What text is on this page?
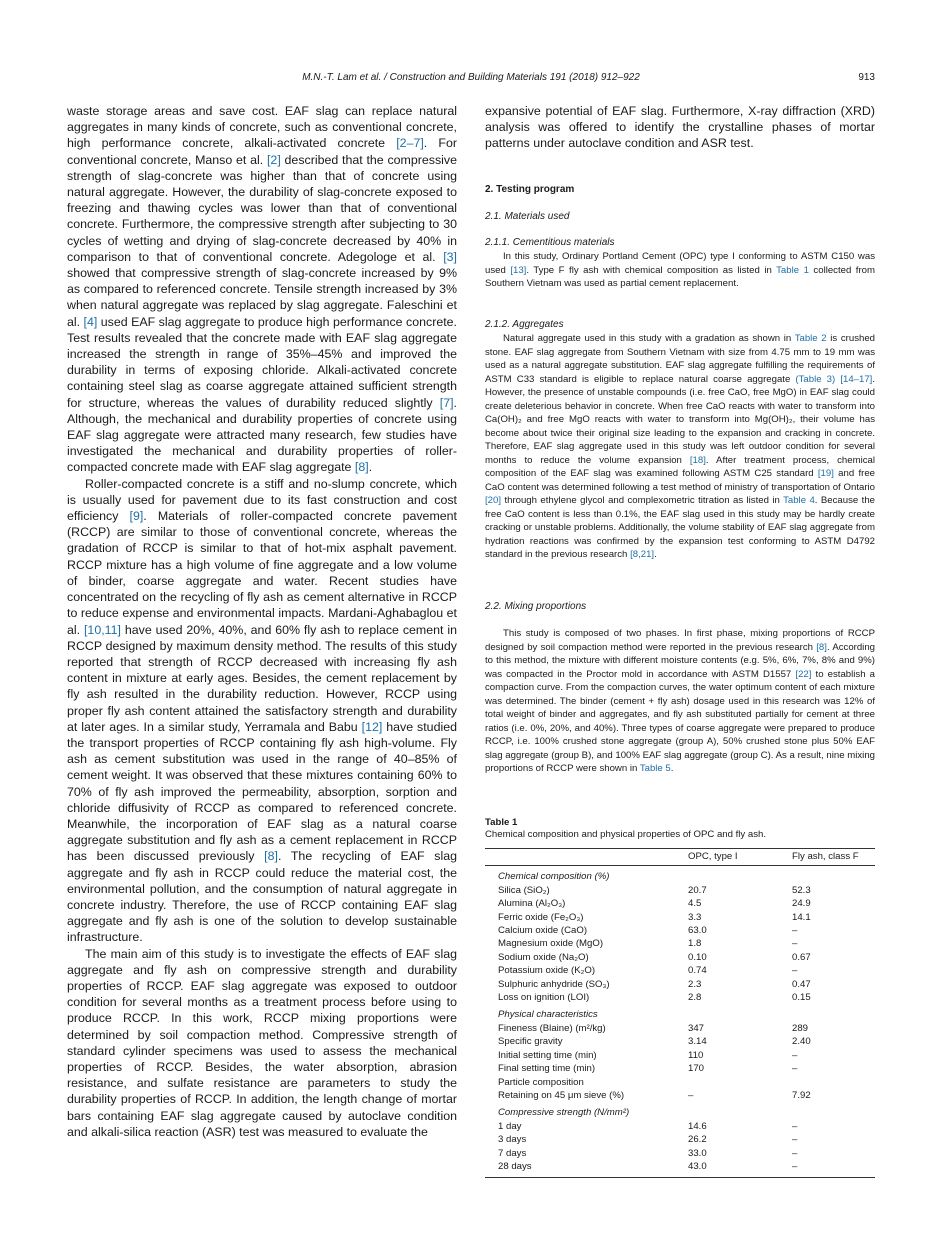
M.N.-T. Lam et al. / Construction and Building Materials 191 (2018) 912–922	913

waste storage areas and save cost. EAF slag can replace natural aggregates in many kinds of concrete, such as conventional concrete, high performance concrete, alkali-activated concrete [2–7]. For conventional concrete, Manso et al. [2] described that the compressive strength of slag-concrete was higher than that of concrete using natural aggregate. However, the durability of slag-concrete exposed to freezing and thawing cycles was lower than that of conventional concrete. Furthermore, the compressive strength after subjecting to 30 cycles of wetting and drying of slag-concrete decreased by 40% in comparison to that of conventional concrete. Adegologe et al. [3] showed that compressive strength of slag-concrete increased by 9% as compared to referenced concrete. Tensile strength increased by 3% when natural aggregate was replaced by slag aggregate. Faleschini et al. [4] used EAF slag aggregate to produce high performance concrete. Test results revealed that the concrete made with EAF slag aggregate increased the strength in range of 35%–45% and improved the durability in terms of exposing chloride. Alkali-activated concrete containing steel slag as coarse aggregate attained sufficient strength for structure, whereas the values of durability reduced slightly [7]. Although, the mechanical and durability properties of concrete using EAF slag aggregate were attracted many research, few studies have investigated the mechanical and durability properties of roller-compacted concrete made with EAF slag aggregate [8].

Roller-compacted concrete is a stiff and no-slump concrete, which is usually used for pavement due to its fast construction and cost efficiency [9]. Materials of roller-compacted concrete pavement (RCCP) are similar to those of conventional concrete, whereas the gradation of RCCP is similar to that of hot-mix asphalt pavement. RCCP mixture has a high volume of fine aggregate and a low volume of binder, coarse aggregate and water. Recent studies have concentrated on the recycling of fly ash as cement alternative in RCCP to reduce expense and environmental impacts. Mardani-Aghabaglou et al. [10,11] have used 20%, 40%, and 60% fly ash to replace cement in RCCP designed by maximum density method. The results of this study reported that strength of RCCP decreased with increasing fly ash content in mixture at early ages. Besides, the cement replacement by fly ash resulted in the durability reduction. However, RCCP using proper fly ash content attained the satisfactory strength and durability at later ages. In a similar study, Yerramala and Babu [12] have studied the transport properties of RCCP containing fly ash high-volume. Fly ash as cement substitution was used in the range of 40–85% of cement weight. It was observed that these mixtures containing 60% to 70% of fly ash improved the permeability, absorption, sorption and chloride diffusivity of RCCP as compared to referenced concrete. Meanwhile, the incorporation of EAF slag as a natural coarse aggregate substitution and fly ash as a cement replacement in RCCP has been discussed previously [8]. The recycling of EAF slag aggregate and fly ash in RCCP could reduce the material cost, the environmental pollution, and the consumption of natural aggregate in concrete industry. Therefore, the use of RCCP containing EAF slag aggregate and fly ash is one of the solution to develop sustainable infrastructure.

The main aim of this study is to investigate the effects of EAF slag aggregate and fly ash on compressive strength and durability properties of RCCP. EAF slag aggregate was exposed to outdoor condition for several months as a treatment process before using to produce RCCP. In this work, RCCP mixing proportions were determined by soil compaction method. Compressive strength of standard cylinder specimens was used to assess the mechanical properties of RCCP. Besides, the water absorption, abrasion resistance, and sulfate resistance are parameters to study the durability properties of RCCP. In addition, the length change of mortar bars containing EAF slag aggregate caused by autoclave condition and alkali-silica reaction (ASR) test was measured to evaluate the

expansive potential of EAF slag. Furthermore, X-ray diffraction (XRD) analysis was offered to identify the crystalline phases of mortar patterns under autoclave condition and ASR test.

2. Testing program

2.1. Materials used

2.1.1. Cementitious materials

In this study, Ordinary Portland Cement (OPC) type I conforming to ASTM C150 was used [13]. Type F fly ash with chemical composition as listed in Table 1 collected from Southern Vietnam was used as partial cement replacement.

2.1.2. Aggregates

Natural aggregate used in this study with a gradation as shown in Table 2 is crushed stone. EAF slag aggregate from Southern Vietnam with size from 4.75 mm to 19 mm was used as a natural aggregate substitution. EAF slag aggregate fulfilling the requirements of ASTM C33 standard is eligible to replace natural coarse aggregate (Table 3) [14–17]. However, the presence of unstable compounds (i.e. free CaO, free MgO) in EAF slag could create deleterious behavior in concrete. When free CaO reacts with water to transform into Ca(OH)₂ and free MgO reacts with water to transform into Mg(OH)₂, their volume has become about twice their original size leading to the expansion and cracking in concrete. Therefore, EAF slag aggregate used in this study was left outdoor condition for several months to reduce the volume expansion [18]. After treatment process, chemical composition of the EAF slag was examined following ASTM C25 standard [19] and free CaO content was determined following a test method of ministry of transportation of Ontario [20] through ethylene glycol and complexometric titration as listed in Table 4. Because the free CaO content is less than 0.1%, the EAF slag used in this study may be hardly create cracking or unstable problems. Additionally, the volume stability of EAF slag aggregate from hydration reactions was confirmed by the expansion test conforming to ASTM D4792 standard in the previous research [8,21].

2.2. Mixing proportions

This study is composed of two phases. In first phase, mixing proportions of RCCP designed by soil compaction method were reported in the previous research [8]. According to this method, the mixture with different moisture contents (e.g. 5%, 6%, 7%, 8% and 9%) was compacted in the Proctor mold in accordance with ASTM D1557 [22] to establish a compaction curve. From the compaction curves, the water optimum content of each mixture was determined. The binder (cement + fly ash) dosage used in this research was 12% of total weight of binder and aggregates, and fly ash substituted partially for cement at three ratios (i.e. 0%, 20%, and 40%). Three types of coarse aggregate were prepared to produce RCCP, i.e. 100% crushed stone aggregate (group A), 50% crushed stone plus 50% EAF slag aggregate (group B), and 100% EAF slag aggregate (group C). As a result, nine mixing proportions of RCCP were shown in Table 5.

Table 1
Chemical composition and physical properties of OPC and fly ash.
	OPC, type I	Fly ash, class F
Chemical composition (%)		
Silica (SiO₂)	20.7	52.3
Alumina (Al₂O₃)	4.5	24.9
Ferric oxide (Fe₂O₃)	3.3	14.1
Calcium oxide (CaO)	63.0	–
Magnesium oxide (MgO)	1.8	–
Sodium oxide (Na₂O)	0.10	0.67
Potassium oxide (K₂O)	0.74	–
Sulphuric anhydride (SO₃)	2.3	0.47
Loss on ignition (LOI)	2.8	0.15
Physical characteristics		
Fineness (Blaine) (m²/kg)	347	289
Specific gravity	3.14	2.40
Initial setting time (min)	110	–
Final setting time (min)	170	–
Particle composition		
Retaining on 45 μm sieve (%)	–	7.92
Compressive strength (N/mm²)		
1 day	14.6	–
3 days	26.2	–
7 days	33.0	–
28 days	43.0	–
